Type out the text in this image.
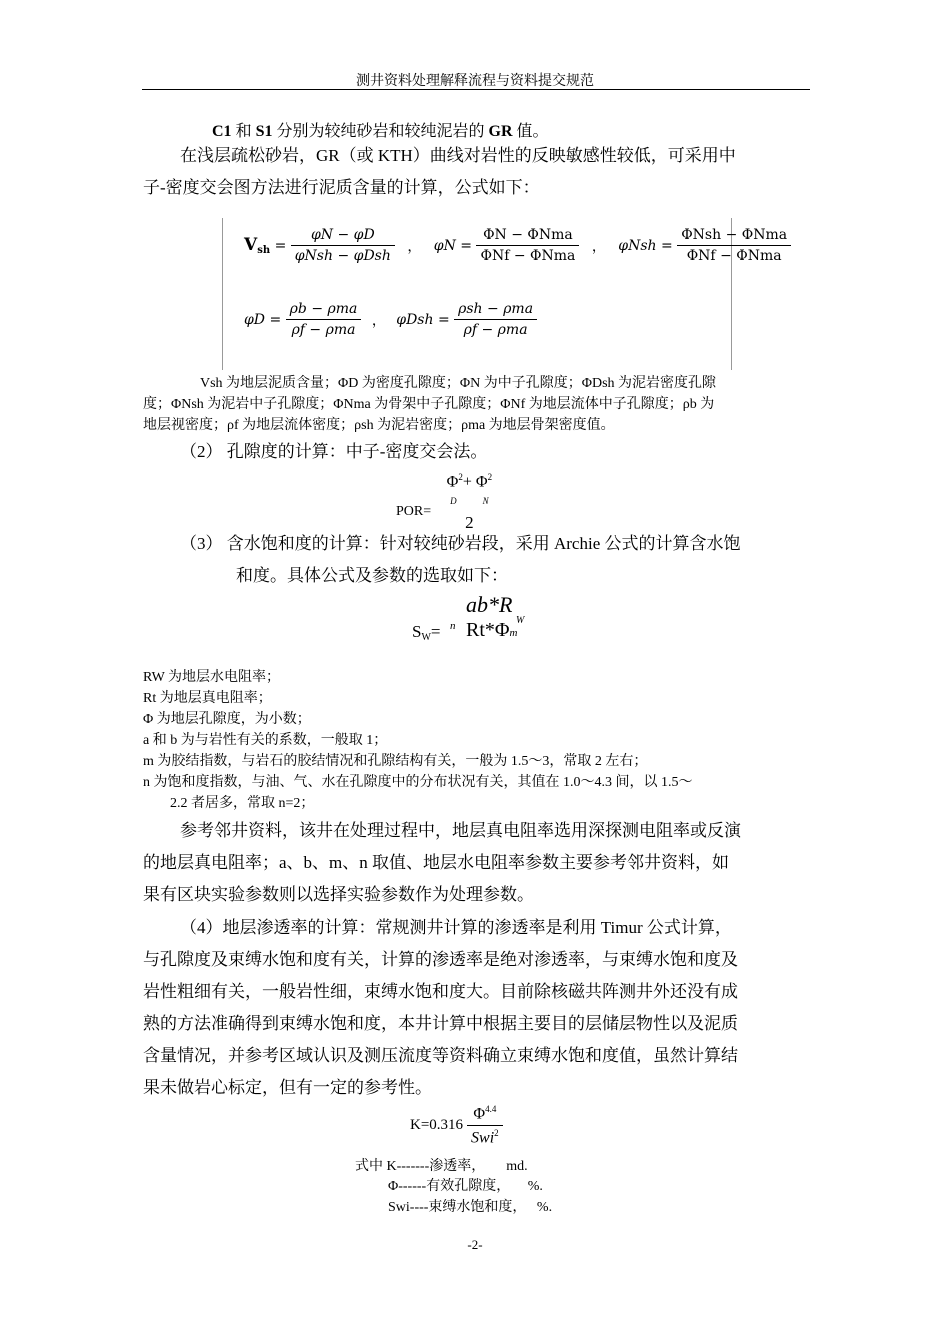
测井资料处理解释流程与资料提交规范
C1 和 S1 分别为较纯砂岩和较纯泥岩的 GR 值。
在浅层疏松砂岩，GR（或 KTH）曲线对岩性的反映敏感性较低，可采用中
子-密度交会图方法进行泥质含量的计算，公式如下：
$V_{sh} = \frac{\varphi N - \varphi D}{\text{φNsh − φDsh}}$ ， $\varphi N = \frac{\text{ΦN − ΦNma}}{\text{ΦNf − ΦNma}}$ ， $\varphi Nsh = \frac{\text{ΦNsh − ΦNma}}{\text{ΦNf − ΦNma}}$
$\varphi D = \frac{\text{ρb − ρma}}{\text{ρf − ρma}}$ ， $\varphi Dsh = \frac{\text{ρsh − ρma}}{\text{ρf − ρma}}$
Vsh 为地层泥质含量；ΦD 为密度孔隙度；ΦN 为中子孔隙度；ΦDsh 为泥岩密度孔隙
度；ΦNsh 为泥岩中子孔隙度；ΦNma 为骨架中子孔隙度；ΦNf 为地层流体中子孔隙度；ρb 为
地层视密度；ρf 为地层流体密度；ρsh 为泥岩密度；ρma 为地层骨架密度值。
（2） 孔隙度的计算：中子-密度交会法。
POR=
$\Phi^2+ \Phi^2$
D	N
2
（3） 含水饱和度的计算：针对较纯砂岩段，采用 Archie 公式的计算含水饱
和度。具体公式及参数的选取如下：
ab*R
W
$S_W= n$ Rt*Φm
RW 为地层水电阻率；
Rt 为地层真电阻率；
Φ 为地层孔隙度，为小数；
a 和 b 为与岩性有关的系数，一般取 1；
m 为胶结指数，与岩石的胶结情况和孔隙结构有关，一般为 1.5～3，常取 2 左右；
n 为饱和度指数，与油、气、水在孔隙度中的分布状况有关，其值在 1.0～4.3 间，以 1.5～
2.2 者居多，常取 n=2；
参考邻井资料，该井在处理过程中，地层真电阻率选用深探测电阻率或反演
的地层真电阻率；a、b、m、n 取值、地层水电阻率参数主要参考邻井资料，如
果有区块实验参数则以选择实验参数作为处理参数。
（4）地层渗透率的计算：常规测井计算的渗透率是利用 Timur 公式计算，
与孔隙度及束缚水饱和度有关，计算的渗透率是绝对渗透率，与束缚水饱和度及
岩性粗细有关，一般岩性细，束缚水饱和度大。目前除核磁共阵测井外还没有成
熟的方法准确得到束缚水饱和度，本井计算中根据主要目的层储层物性以及泥质
含量情况，并参考区域认识及测压流度等资料确立束缚水饱和度值，虽然计算结
果未做岩心标定，但有一定的参考性。
$K=0.316 \frac{\Phi^{4.4}}{Swi^2}$
式中 K-------渗透率，      md.
Φ------有效孔隙度，     %.
Swi----束缚水饱和度，   %.
-2-
